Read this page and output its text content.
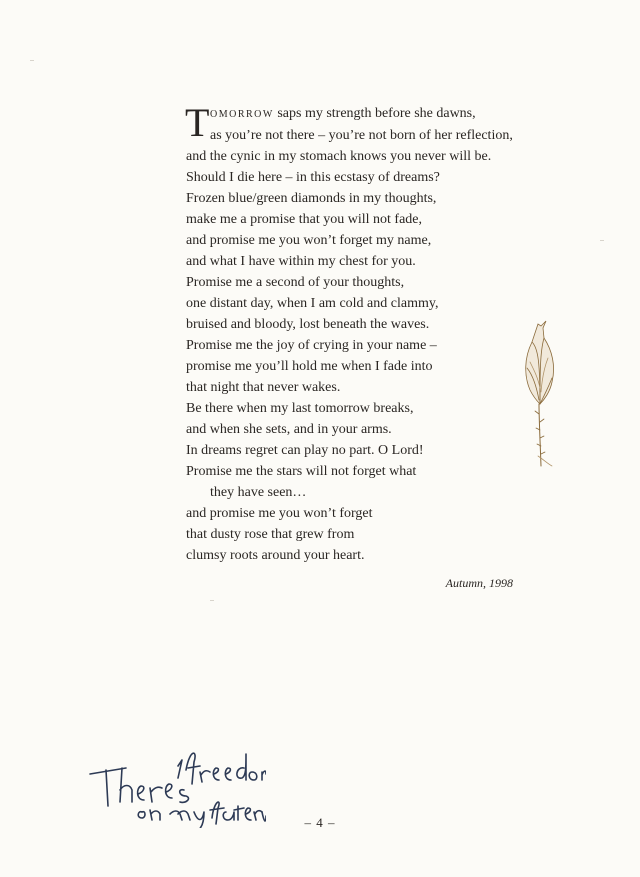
T OMORROW saps my strength before she dawns,
as you’re not there – you’re not born of her reflection,
and the cynic in my stomach knows you never will be.
Should I die here – in this ecstasy of dreams?
Frozen blue/green diamonds in my thoughts,
make me a promise that you will not fade,
and promise me you won’t forget my name,
and what I have within my chest for you.
Promise me a second of your thoughts,
one distant day, when I am cold and clammy,
bruised and bloody, lost beneath the waves.
Promise me the joy of crying in your name –
promise me you’ll hold me when I fade into
that night that never wakes.
Be there when my last tomorrow breaks,
and when she sets, and in your arms.
In dreams regret can play no part. O Lord!
Promise me the stars will not forget what
they have seen…
and promise me you won’t forget
that dusty rose that grew from
clumsy roots around your heart.
Autumn, 1998
– 4 –
